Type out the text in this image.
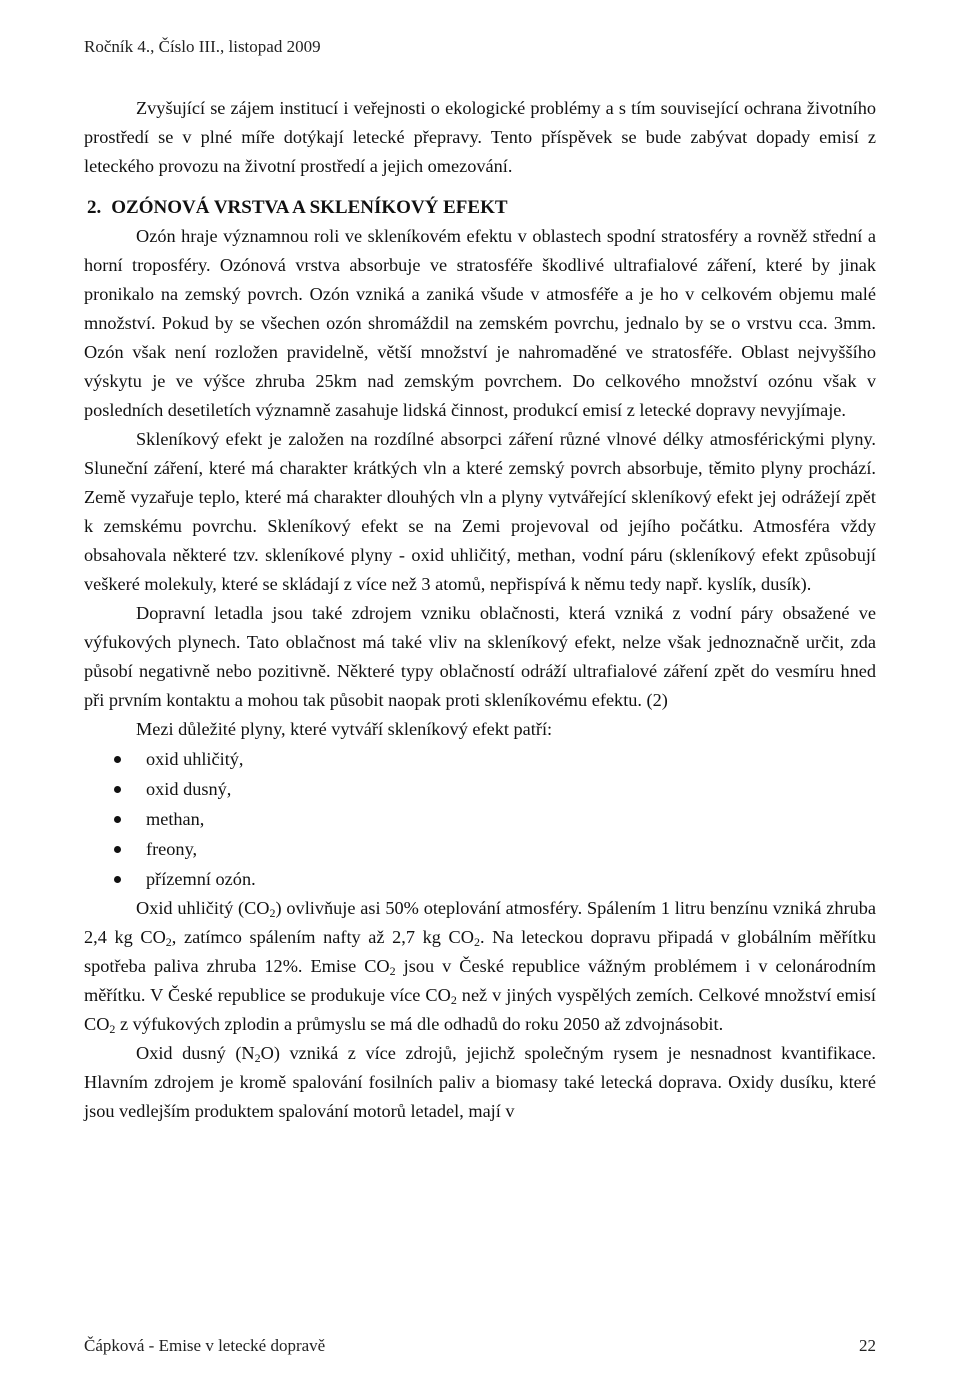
Ročník 4., Číslo III., listopad 2009

Zvyšující se zájem institucí i veřejnosti o ekologické problémy a s tím související ochrana životního prostředí se v plné míře dotýkají letecké přepravy. Tento příspěvek se bude zabývat dopady emisí z leteckého provozu na životní prostředí a jejich omezování.

2. OZÓNOVÁ VRSTVA A SKLENÍKOVÝ EFEKT

Ozón hraje významnou roli ve skleníkovém efektu v oblastech spodní stratosféry a rovněž střední a horní troposféry. Ozónová vrstva absorbuje ve stratosféře škodlivé ultrafialové záření, které by jinak pronikalo na zemský povrch. Ozón vzniká a zaniká všude v atmosféře a je ho v celkovém objemu malé množství. Pokud by se všechen ozón shromáždil na zemském povrchu, jednalo by se o vrstvu cca. 3mm. Ozón však není rozložen pravidelně, větší množství je nahromaděné ve stratosféře. Oblast nejvyššího výskytu je ve výšce zhruba 25km nad zemským povrchem. Do celkového množství ozónu však v posledních desetiletích významně zasahuje lidská činnost, produkcí emisí z letecké dopravy nevyjímaje.

Skleníkový efekt je založen na rozdílné absorpci záření různé vlnové délky atmosférickými plyny. Sluneční záření, které má charakter krátkých vln a které zemský povrch absorbuje, těmito plyny prochází. Země vyzařuje teplo, které má charakter dlouhých vln a plyny vytvářející skleníkový efekt jej odrážejí zpět k zemskému povrchu. Skleníkový efekt se na Zemi projevoval od jejího počátku. Atmosféra vždy obsahovala některé tzv. skleníkové plyny - oxid uhličitý, methan, vodní páru (skleníkový efekt způsobují veškeré molekuly, které se skládají z více než 3 atomů, nepřispívá k němu tedy např. kyslík, dusík).

Dopravní letadla jsou také zdrojem vzniku oblačnosti, která vzniká z vodní páry obsažené ve výfukových plynech. Tato oblačnost má také vliv na skleníkový efekt, nelze však jednoznačně určit, zda působí negativně nebo pozitivně. Některé typy oblačností odráží ultrafialové záření zpět do vesmíru hned při prvním kontaktu a mohou tak působit naopak proti skleníkovému efektu. (2)

Mezi důležité plyny, které vytváří skleníkový efekt patří:
oxid uhličitý,
oxid dusný,
methan,
freony,
přízemní ozón.

Oxid uhličitý $(CO_2)$ ovlivňuje asi 50% oteplování atmosféry. Spálením 1 litru benzínu vzniká zhruba 2,4 kg $CO_2$, zatímco spálením nafty až 2,7 kg $CO_2$. Na leteckou dopravu připadá v globálním měřítku spotřeba paliva zhruba 12%. Emise $CO_2$ jsou v České republice vážným problémem i v celonárodním měřítku. V České republice se produkuje více $CO_2$ než v jiných vyspělých zemích. Celkové množství emisí $CO_2$ z výfukových zplodin a průmyslu se má dle odhadů do roku 2050 až zdvojnásobit.

Oxid dusný $(N_2O)$ vzniká z více zdrojů, jejichž společným rysem je nesnadnost kvantifikace. Hlavním zdrojem je kromě spalování fosilních paliv a biomasy také letecká doprava. Oxidy dusíku, které jsou vedlejším produktem spalování motorů letadel, mají v

Čápková - Emise v letecké dopravě	22
